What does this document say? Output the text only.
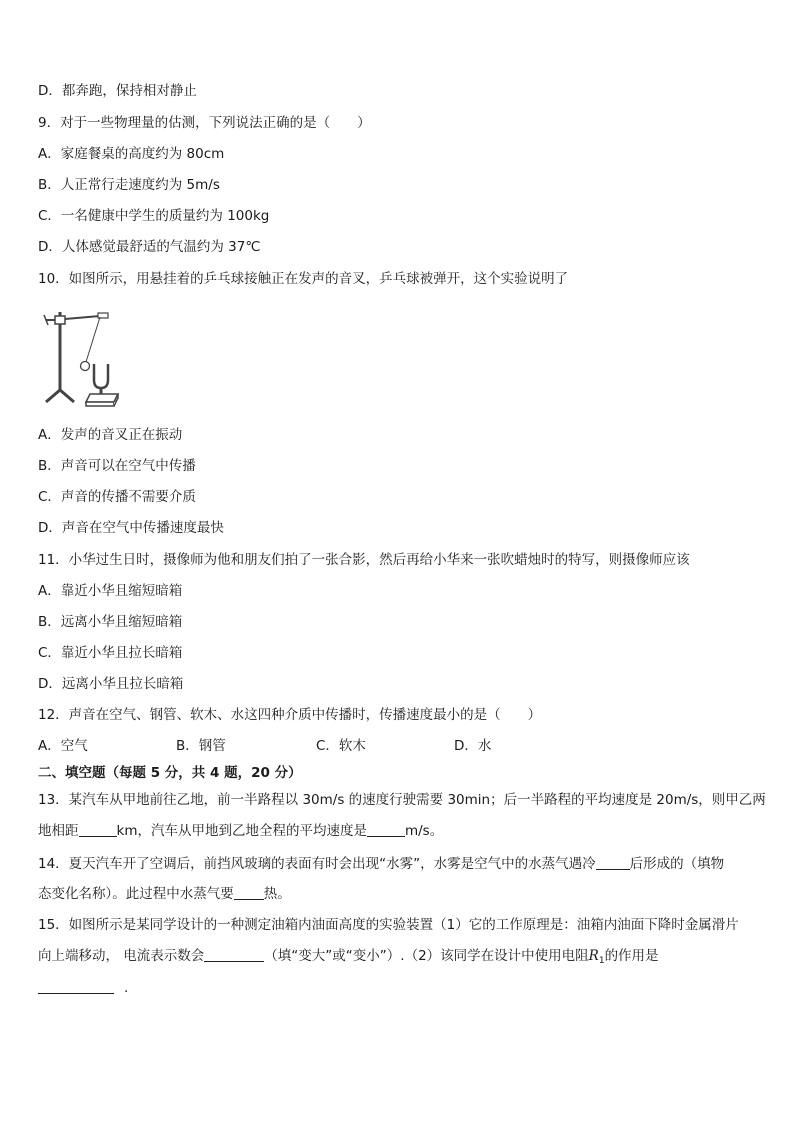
D．都奔跑，保持相对静止
9．对于一些物理量的估测，下列说法正确的是（　　）
A．家庭餐桌的高度约为 80cm
B．人正常行走速度约为 5m/s
C．一名健康中学生的质量约为 100kg
D．人体感觉最舒适的气温约为 37℃
10．如图所示，用悬挂着的乒乓球接触正在发声的音叉，乒乓球被弹开，这个实验说明了
A．发声的音叉正在振动
B．声音可以在空气中传播
C．声音的传播不需要介质
D．声音在空气中传播速度最快
11．小华过生日时，摄像师为他和朋友们拍了一张合影，然后再给小华来一张吹蜡烛时的特写，则摄像师应该
A．靠近小华且缩短暗箱
B．远离小华且缩短暗箱
C．靠近小华且拉长暗箱
D．远离小华且拉长暗箱
12．声音在空气、钢管、软木、水这四种介质中传播时，传播速度最小的是（　　）
A．空气	B．钢管	C．软木	D．水
二、填空题（每题 5 分，共 4 题，20 分）
13．某汽车从甲地前往乙地，前一半路程以 30m/s 的速度行驶需要 30min；后一半路程的平均速度是 20m/s，则甲乙两
地相距	km，汽车从甲地到乙地全程的平均速度是	m/s。
14．夏天汽车开了空调后，前挡风玻璃的表面有时会出现“水雾”，水雾是空气中的水蒸气遇冷	后形成的（填物
态变化名称）。此过程中水蒸气要 热。
15．如图所示是某同学设计的一种测定油箱内油面高度的实验装置（1）它的工作原理是：油箱内油面下降时金属滑片
向上端移动， 电流表示数会	（填“变大”或“变小”）.（2）该同学在设计中使用电阻$R_1$的作用是
.
